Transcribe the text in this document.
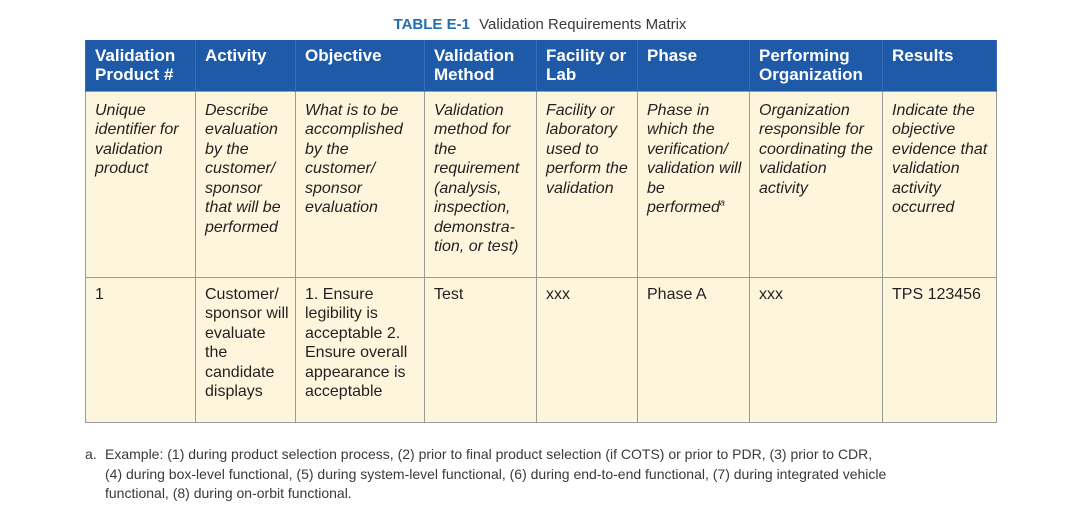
TABLE E-1 Validation Requirements Matrix
Validation Product #	Activity	Objective	Validation Method	Facility or Lab	Phase	Performing Organization	Results
Unique identifier for validation product	Describe evaluation by the customer/ sponsor that will be performed	What is to be accomplished by the customer/ sponsor evaluation	Validation method for the requirement (analysis, inspection, demonstra-tion, or test)	Facility or laboratory used to perform the validation	Phase in which the verification/ validation will be performed$^a$	Organization responsible for coordinating the validation activity	Indicate the objective evidence that validation activity occurred
1	Customer/ sponsor will evaluate the candidate displays	1. Ensure legibility is acceptable 2. Ensure overall appearance is acceptable	Test	xxx	Phase A	xxx	TPS 123456
a. Example: (1) during product selection process, (2) prior to final product selection (if COTS) or prior to PDR, (3) prior to CDR,
(4) during box-level functional, (5) during system-level functional, (6) during end-to-end functional, (7) during integrated vehicle
functional, (8) during on-orbit functional.
